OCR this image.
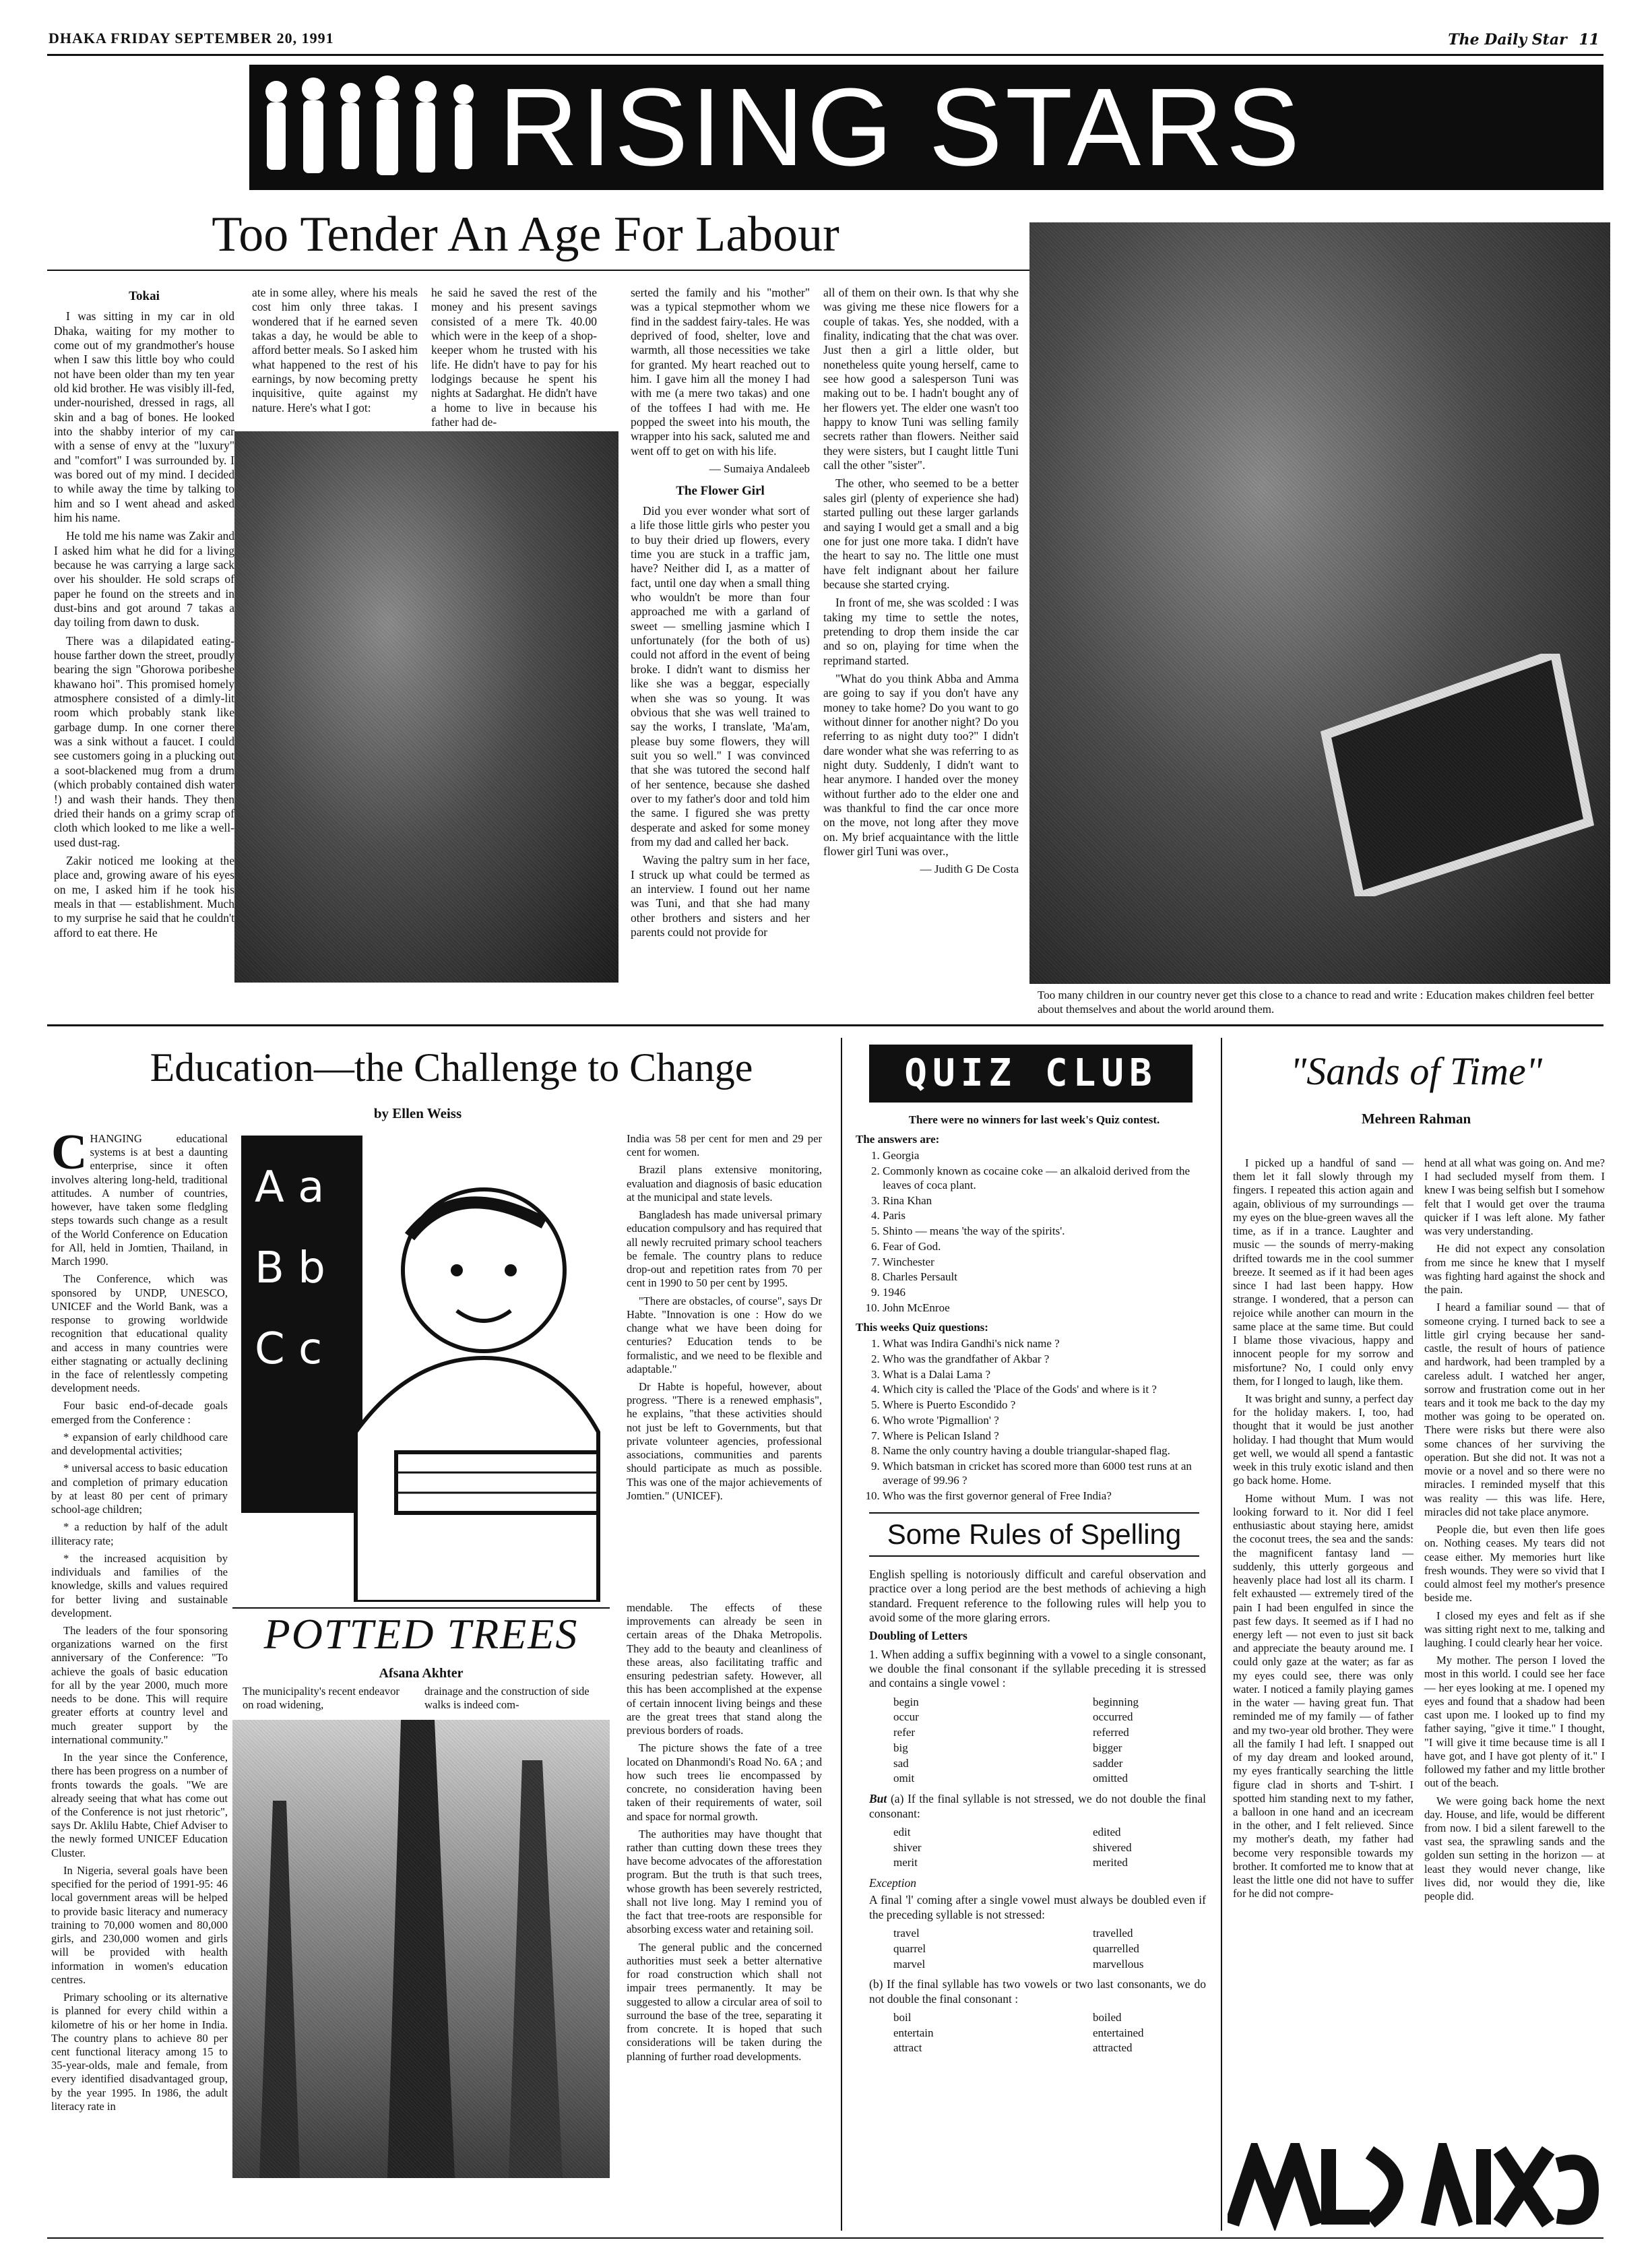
DHAKA FRIDAY SEPTEMBER 20, 1991	The Daily Star 11
RISING STARS
Too Tender An Age For Labour
Tokai

I was sitting in my car in old Dhaka, waiting for my mother to come out of my grandmother's house when I saw this little boy who could not have been older than my ten year old kid brother. He was visibly ill-fed, under-nourished, dressed in rags, all skin and a bag of bones. He looked into the shabby interior of my car with a sense of envy at the "luxury" and "comfort" I was surrounded by. I was bored out of my mind. I decided to while away the time by talking to him and so I went ahead and asked him his name.

He told me his name was Zakir and I asked him what he did for a living because he was carrying a large sack over his shoulder. He sold scraps of paper he found on the streets and in dust-bins and got around 7 takas a day toiling from dawn to dusk.

There was a dilapidated eating-house farther down the street, proudly bearing the sign "Ghorowa poribeshe khawano hoi". This promised homely atmosphere consisted of a dimly-lit room which probably stank like garbage dump. In one corner there was a sink without a faucet. I could see customers going in a plucking out a soot-blackened mug from a drum (which probably contained dish water !) and wash their hands. They then dried their hands on a grimy scrap of cloth which looked to me like a well-used dust-rag.

Zakir noticed me looking at the place and, growing aware of his eyes on me, I asked him if he took his meals in that — establishment. Much to my surprise he said that he couldn't afford to eat there. He

ate in some alley, where his meals cost him only three takas. I wondered that if he earned seven takas a day, he would be able to afford better meals. So I asked him what happened to the rest of his earnings, by now becoming pretty inquisitive, quite against my nature. Here's what I got:

he said he saved the rest of the money and his present savings consisted of a mere Tk. 40.00 which were in the keep of a shop-keeper whom he trusted with his life. He didn't have to pay for his lodgings because he spent his nights at Sadarghat. He didn't have a home to live in because his father had de-

serted the family and his "mother" was a typical stepmother whom we find in the saddest fairy-tales. He was deprived of food, shelter, love and warmth, all those necessities we take for granted. My heart reached out to him. I gave him all the money I had with me (a mere two takas) and one of the toffees I had with me. He popped the sweet into his mouth, the wrapper into his sack, saluted me and went off to get on with his life.

— Sumaiya Andaleeb
The Flower Girl

Did you ever wonder what sort of a life those little girls who pester you to buy their dried up flowers, every time you are stuck in a traffic jam, have? Neither did I, as a matter of fact, until one day when a small thing who wouldn't be more than four approached me with a garland of sweet — smelling jasmine which I unfortunately (for the both of us) could not afford in the event of being broke. I didn't want to dismiss her like she was a beggar, especially when she was so young. It was obvious that she was well trained to say the works, I translate, 'Ma'am, please buy some flowers, they will suit you so well." I was convinced that she was tutored the second half of her sentence, because she dashed over to my father's door and told him the same. I figured she was pretty desperate and asked for some money from my dad and called her back.

Waving the paltry sum in her face, I struck up what could be termed as an interview. I found out her name was Tuni, and that she had many other brothers and sisters and her parents could not provide for

all of them on their own. Is that why she was giving me these nice flowers for a couple of takas. Yes, she nodded, with a finality, indicating that the chat was over. Just then a girl a little older, but nonetheless quite young herself, came to see how good a salesperson Tuni was making out to be. I hadn't bought any of her flowers yet. The elder one wasn't too happy to know Tuni was selling family secrets rather than flowers. Neither said they were sisters, but I caught little Tuni call the other "sister".

The other, who seemed to be a better sales girl (plenty of experience she had) started pulling out these larger garlands and saying I would get a small and a big one for just one more taka. I didn't have the heart to say no. The little one must have felt indignant about her failure because she started crying.

In front of me, she was scolded : I was taking my time to settle the notes, pretending to drop them inside the car and so on, playing for time when the reprimand started.

"What do you think Abba and Amma are going to say if you don't have any money to take home? Do you want to go without dinner for another night? Do you referring to as night duty too?" I didn't dare wonder what she was referring to as night duty. Suddenly, I didn't want to hear anymore. I handed over the money without further ado to the elder one and was thankful to find the car once more on the move, not long after they move on. My brief acquaintance with the little flower girl Tuni was over.,

— Judith G De Costa
Too many children in our country never get this close to a chance to read and write : Education makes children feel better about themselves and about the world around them.
Education—the Challenge to Change
by Ellen Weiss

C HANGING educational systems is at best a daunting enterprise, since it often involves altering long-held, traditional attitudes. A number of countries, however, have taken some fledgling steps towards such change as a result of the World Conference on Education for All, held in Jomtien, Thailand, in March 1990.

The Conference, which was sponsored by UNDP, UNESCO, UNICEF and the World Bank, was a response to growing worldwide recognition that educational quality and access in many countries were either stagnating or actually declining in the face of relentlessly competing development needs.

Four basic end-of-decade goals emerged from the Conference :

* expansion of early childhood care and developmental activities;

* universal access to basic education and completion of primary education by at least 80 per cent of primary school-age children;

* a reduction by half of the adult illiteracy rate;

* the increased acquisition by individuals and families of the knowledge, skills and values required for better living and sustainable development.

The leaders of the four sponsoring organizations warned on the first anniversary of the Conference: "To achieve the goals of basic education for all by the year 2000, much more needs to be done. This will require greater efforts at country level and much greater support by the international community."

In the year since the Conference, there has been progress on a number of fronts towards the goals. "We are already seeing that what has come out of the Conference is not just rhetoric", says Dr. Aklilu Habte, Chief Adviser to the newly formed UNICEF Education Cluster.

In Nigeria, several goals have been specified for the period of 1991-95: 46 local government areas will be helped to provide basic literacy and numeracy training to 70,000 women and 80,000 girls, and 230,000 women and girls will be provided with health information in women's education centres.

Primary schooling or its alternative is planned for every child within a kilometre of his or her home in India. The country plans to achieve 80 per cent functional literacy among 15 to 35-year-olds, male and female, from every identified disadvantaged group, by the year 1995. In 1986, the adult literacy rate in

A a
B b
C c

India was 58 per cent for men and 29 per cent for women.

Brazil plans extensive monitoring, evaluation and diagnosis of basic education at the municipal and state levels.

Bangladesh has made universal primary education compulsory and has required that all newly recruited primary school teachers be female. The country plans to reduce drop-out and repetition rates from 70 per cent in 1990 to 50 per cent by 1995.

"There are obstacles, of course", says Dr Habte. "Innovation is one : How do we change what we have been doing for centuries? Education tends to be formalistic, and we need to be flexible and adaptable."

Dr Habte is hopeful, however, about progress. "There is a renewed emphasis", he explains, "that these activities should not just be left to Governments, but that private volunteer agencies, professional associations, communities and parents should participate as much as possible. This was one of the major achievements of Jomtien." (UNICEF).

POTTED TREES
Afsana Akhter
The municipality's recent endeavor on road widening,
drainage and the construction of side walks is indeed com-

mendable. The effects of these improvements can already be seen in certain areas of the Dhaka Metropolis. They add to the beauty and cleanliness of these areas, also facilitating traffic and ensuring pedestrian safety. However, all this has been accomplished at the expense of certain innocent living beings and these are the great trees that stand along the previous borders of roads.

The picture shows the fate of a tree located on Dhanmondi's Road No. 6A ; and how such trees lie encompassed by concrete, no consideration having been taken of their requirements of water, soil and space for normal growth.

The authorities may have thought that rather than cutting down these trees they have become advocates of the afforestation program. But the truth is that such trees, whose growth has been severely restricted, shall not live long. May I remind you of the fact that tree-roots are responsible for absorbing excess water and retaining soil.

The general public and the concerned authorities must seek a better alternative for road construction which shall not impair trees permanently. It may be suggested to allow a circular area of soil to surround the base of the tree, separating it from concrete. It is hoped that such considerations will be taken during the planning of further road developments.

QUIZ CLUB
There were no winners for last week's Quiz contest.
The answers are:
1. Georgia
2. Commonly known as cocaine coke — an alkaloid derived from the leaves of coca plant.
3. Rina Khan
4. Paris
5. Shinto — means 'the way of the spirits'.
6. Fear of God.
7. Winchester
8. Charles Persault
9. 1946
10. John McEnroe
This weeks Quiz questions:
1. What was Indira Gandhi's nick name ?
2. Who was the grandfather of Akbar ?
3. What is a Dalai Lama ?
4. Which city is called the 'Place of the Gods' and where is it ?
5. Where is Puerto Escondido ?
6. Who wrote 'Pigmallion' ?
7. Where is Pelican Island ?
8. Name the only country having a double triangular-shaped flag.
9. Which batsman in cricket has scored more than 6000 test runs at an average of 99.96 ?
10. Who was the first governor general of Free India?
Some Rules of Spelling

English spelling is notoriously difficult and careful observation and practice over a long period are the best methods of achieving a high standard. Frequent reference to the following rules will help you to avoid some of the more glaring errors.

Doubling of Letters

1. When adding a suffix beginning with a vowel to a single consonant, we double the final consonant if the syllable preceding it is stressed and contains a single vowel :

begin	beginning
occur	occurred
refer	referred
big	bigger
sad	sadder
omit	omitted

But (a) If the final syllable is not stressed, we do not double the final consonant:

edit	edited
shiver	shivered
merit	merited
Exception

A final 'l' coming after a single vowel must always be doubled even if the preceding syllable is not stressed:

travel	travelled
quarrel	quarrelled
marvel	marvellous

(b) If the final syllable has two vowels or two last consonants, we do not double the final consonant :

boil	boiled
entertain	entertained
attract	attracted
"Sands of Time"
Mehreen Rahman

I picked up a handful of sand — them let it fall slowly through my fingers. I repeated this action again and again, oblivious of my surroundings — my eyes on the blue-green waves all the time, as if in a trance. Laughter and music — the sounds of merry-making drifted towards me in the cool summer breeze. It seemed as if it had been ages since I had last been happy. How strange. I wondered, that a person can rejoice while another can mourn in the same place at the same time. But could I blame those vivacious, happy and innocent people for my sorrow and misfortune? No, I could only envy them, for I longed to laugh, like them.

It was bright and sunny, a perfect day for the holiday makers. I, too, had thought that it would be just another holiday. I had thought that Mum would get well, we would all spend a fantastic week in this truly exotic island and then go back home. Home.

Home without Mum. I was not looking forward to it. Nor did I feel enthusiastic about staying here, amidst the coconut trees, the sea and the sands: the magnificent fantasy land — suddenly, this utterly gorgeous and heavenly place had lost all its charm. I felt exhausted — extremely tired of the pain I had been engulfed in since the past few days. It seemed as if I had no energy left — not even to just sit back and appreciate the beauty around me. I could only gaze at the water; as far as my eyes could see, there was only water. I noticed a family playing games in the water — having great fun. That reminded me of my family — of father and my two-year old brother. They were all the family I had left. I snapped out of my day dream and looked around, my eyes frantically searching the little figure clad in shorts and T-shirt. I spotted him standing next to my father, a balloon in one hand and an icecream in the other, and I felt relieved. Since my mother's death, my father had become very responsible towards my brother. It comforted me to know that at least the little one did not have to suffer for he did not compre-

hend at all what was going on. And me? I had secluded myself from them. I knew I was being selfish but I somehow felt that I would get over the trauma quicker if I was left alone. My father was very understanding.

He did not expect any consolation from me since he knew that I myself was fighting hard against the shock and the pain.

I heard a familiar sound — that of someone crying. I turned back to see a little girl crying because her sand-castle, the result of hours of patience and hardwork, had been trampled by a careless adult. I watched her anger, sorrow and frustration come out in her tears and it took me back to the day my mother was going to be operated on. There were risks but there were also some chances of her surviving the operation. But she did not. It was not a movie or a novel and so there were no miracles. I reminded myself that this was reality — this was life. Here, miracles did not take place anymore.

People die, but even then life goes on. Nothing ceases. My tears did not cease either. My memories hurt like fresh wounds. They were so vivid that I could almost feel my mother's presence beside me.

I closed my eyes and felt as if she was sitting right next to me, talking and laughing. I could clearly hear her voice.

My mother. The person I loved the most in this world. I could see her face — her eyes looking at me. I opened my eyes and found that a shadow had been cast upon me. I looked up to find my father saying, "give it time." I thought, "I will give it time because time is all I have got, and I have got plenty of it." I followed my father and my little brother out of the beach.

We were going back home the next day. House, and life, would be different from now. I bid a silent farewell to the vast sea, the sprawling sands and the golden sun setting in the horizon — at least they would never change, like lives did, nor would they die, like people did.
